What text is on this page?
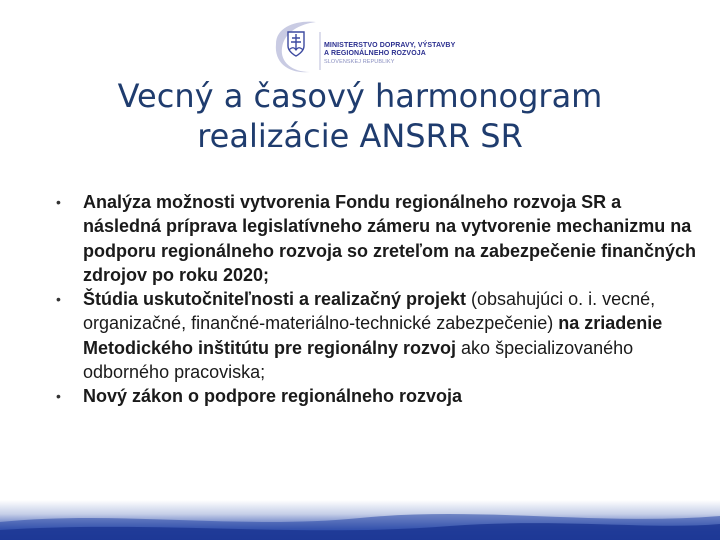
MINISTERSTVO DOPRAVY, VÝSTAVBY
A REGIONÁLNEHO ROZVOJA
SLOVENSKEJ REPUBLIKY
Vecný a časový harmonogram
realizácie ANSRR SR
• Analýza možnosti vytvorenia Fondu regionálneho rozvoja SR a následná príprava legislatívneho zámeru na vytvorenie mechanizmu na podporu regionálneho rozvoja so zreteľom na zabezpečenie finančných zdrojov po roku 2020;
• Štúdia uskutočniteľnosti a realizačný projekt (obsahujúci o. i. vecné, organizačné, finančné-materiálno-technické zabezpečenie) na zriadenie Metodického inštitútu pre regionálny rozvoj ako špecializovaného odborného pracoviska;
• Nový zákon o podpore regionálneho rozvoja
